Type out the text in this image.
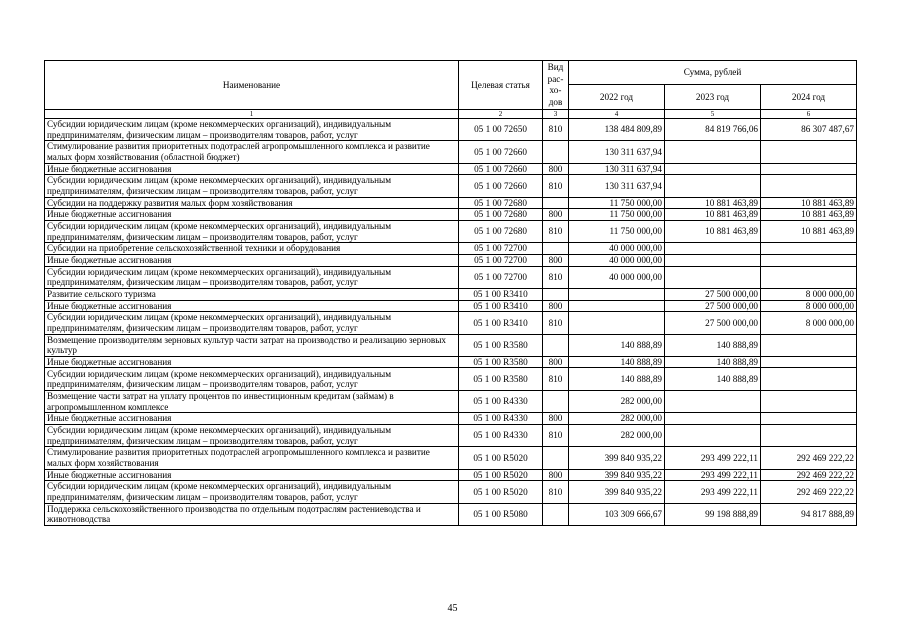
Наименование	Целевая статья	Вид рас-хо-дов	Сумма, рублей		
			2022 год	2023 год	2024 год
1	2	3	4	5	6
Субсидии юридическим лицам (кроме некоммерческих организаций), индивидуальным предпринимателям, физическим лицам – производителям товаров, работ, услуг	05 1 00 72650	810	138 484 809,89	84 819 766,06	86 307 487,67
Стимулирование развития приоритетных подотраслей агропромышленного комплекса и развитие малых форм хозяйствования (областной бюджет)	05 1 00 72660		130 311 637,94		
Иные бюджетные ассигнования	05 1 00 72660	800	130 311 637,94		
Субсидии юридическим лицам (кроме некоммерческих организаций), индивидуальным предпринимателям, физическим лицам – производителям товаров, работ, услуг	05 1 00 72660	810	130 311 637,94		
Субсидии на поддержку развития малых форм хозяйствования	05 1 00 72680		11 750 000,00	10 881 463,89	10 881 463,89
Иные бюджетные ассигнования	05 1 00 72680	800	11 750 000,00	10 881 463,89	10 881 463,89
Субсидии юридическим лицам (кроме некоммерческих организаций), индивидуальным предпринимателям, физическим лицам – производителям товаров, работ, услуг	05 1 00 72680	810	11 750 000,00	10 881 463,89	10 881 463,89
Субсидии на приобретение сельскохозяйственной техники и оборудования	05 1 00 72700		40 000 000,00		
Иные бюджетные ассигнования	05 1 00 72700	800	40 000 000,00		
Субсидии юридическим лицам (кроме некоммерческих организаций), индивидуальным предпринимателям, физическим лицам – производителям товаров, работ, услуг	05 1 00 72700	810	40 000 000,00		
Развитие сельского туризма	05 1 00 R3410			27 500 000,00	8 000 000,00
Иные бюджетные ассигнования	05 1 00 R3410	800		27 500 000,00	8 000 000,00
Субсидии юридическим лицам (кроме некоммерческих организаций), индивидуальным предпринимателям, физическим лицам – производителям товаров, работ, услуг	05 1 00 R3410	810		27 500 000,00	8 000 000,00
Возмещение производителям зерновых культур части затрат на производство и реализацию зерновых культур	05 1 00 R3580		140 888,89	140 888,89	
Иные бюджетные ассигнования	05 1 00 R3580	800	140 888,89	140 888,89	
Субсидии юридическим лицам (кроме некоммерческих организаций), индивидуальным предпринимателям, физическим лицам – производителям товаров, работ, услуг	05 1 00 R3580	810	140 888,89	140 888,89	
Возмещение части затрат на уплату процентов по инвестиционным кредитам (займам) в агропромышленном комплексе	05 1 00 R4330		282 000,00		
Иные бюджетные ассигнования	05 1 00 R4330	800	282 000,00		
Субсидии юридическим лицам (кроме некоммерческих организаций), индивидуальным предпринимателям, физическим лицам – производителям товаров, работ, услуг	05 1 00 R4330	810	282 000,00		
Стимулирование развития приоритетных подотраслей агропромышленного комплекса и развитие малых форм хозяйствования	05 1 00 R5020		399 840 935,22	293 499 222,11	292 469 222,22
Иные бюджетные ассигнования	05 1 00 R5020	800	399 840 935,22	293 499 222,11	292 469 222,22
Субсидии юридическим лицам (кроме некоммерческих организаций), индивидуальным предпринимателям, физическим лицам – производителям товаров, работ, услуг	05 1 00 R5020	810	399 840 935,22	293 499 222,11	292 469 222,22
Поддержка сельскохозяйственного производства по отдельным подотраслям растениеводства и животноводства	05 1 00 R5080		103 309 666,67	99 198 888,89	94 817 888,89
45
